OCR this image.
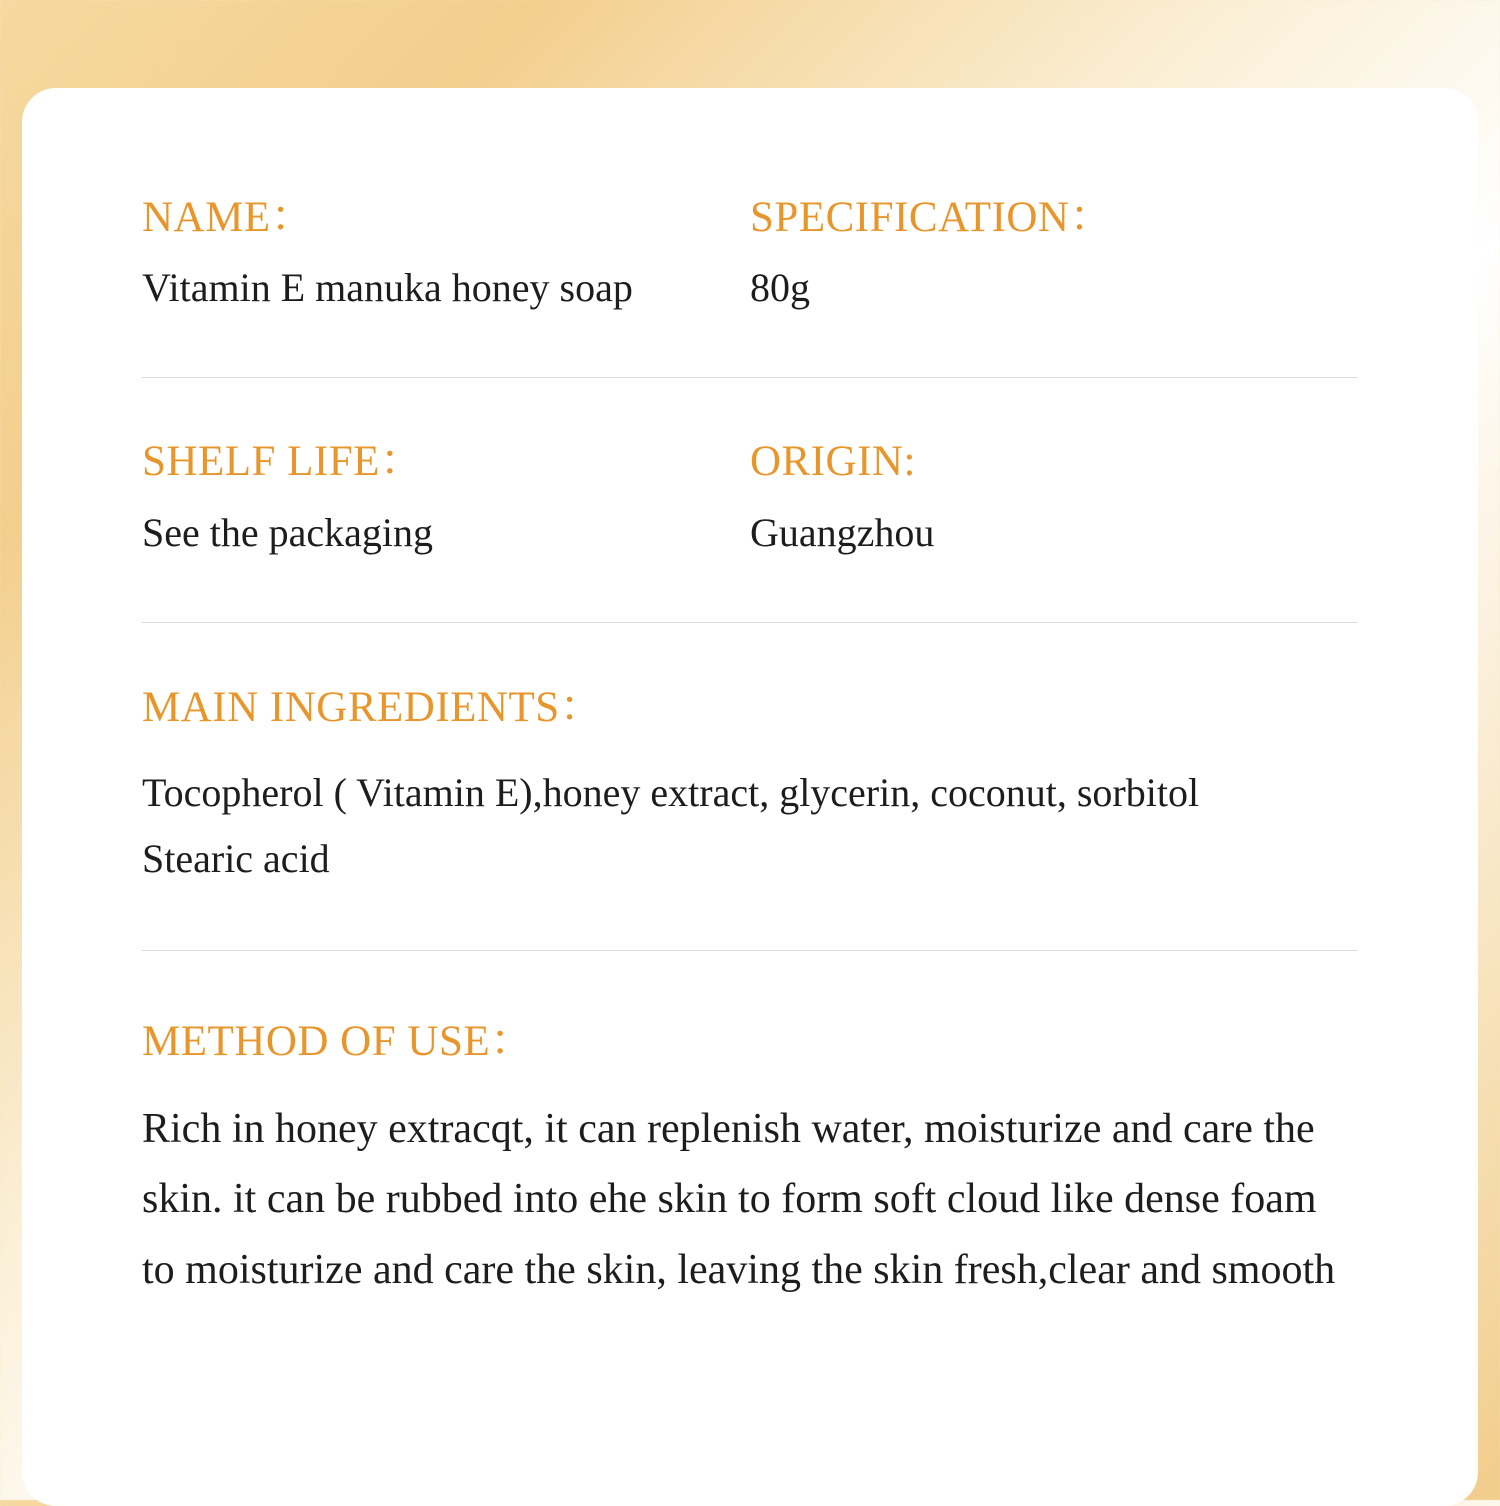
NAME：
Vitamin E manuka honey soap
SPECIFICATION：
80g
SHELF LIFE：
See the packaging
ORIGIN:
Guangzhou
MAIN INGREDIENTS：
Tocopherol ( Vitamin E),honey extract, glycerin, coconut, sorbitol
Stearic acid
METHOD OF USE：
Rich in honey extracqt, it can replenish water, moisturize and care the skin. it can be rubbed into ehe skin to form soft cloud like dense foam to moisturize and care the skin, leaving the skin fresh,clear and smooth
